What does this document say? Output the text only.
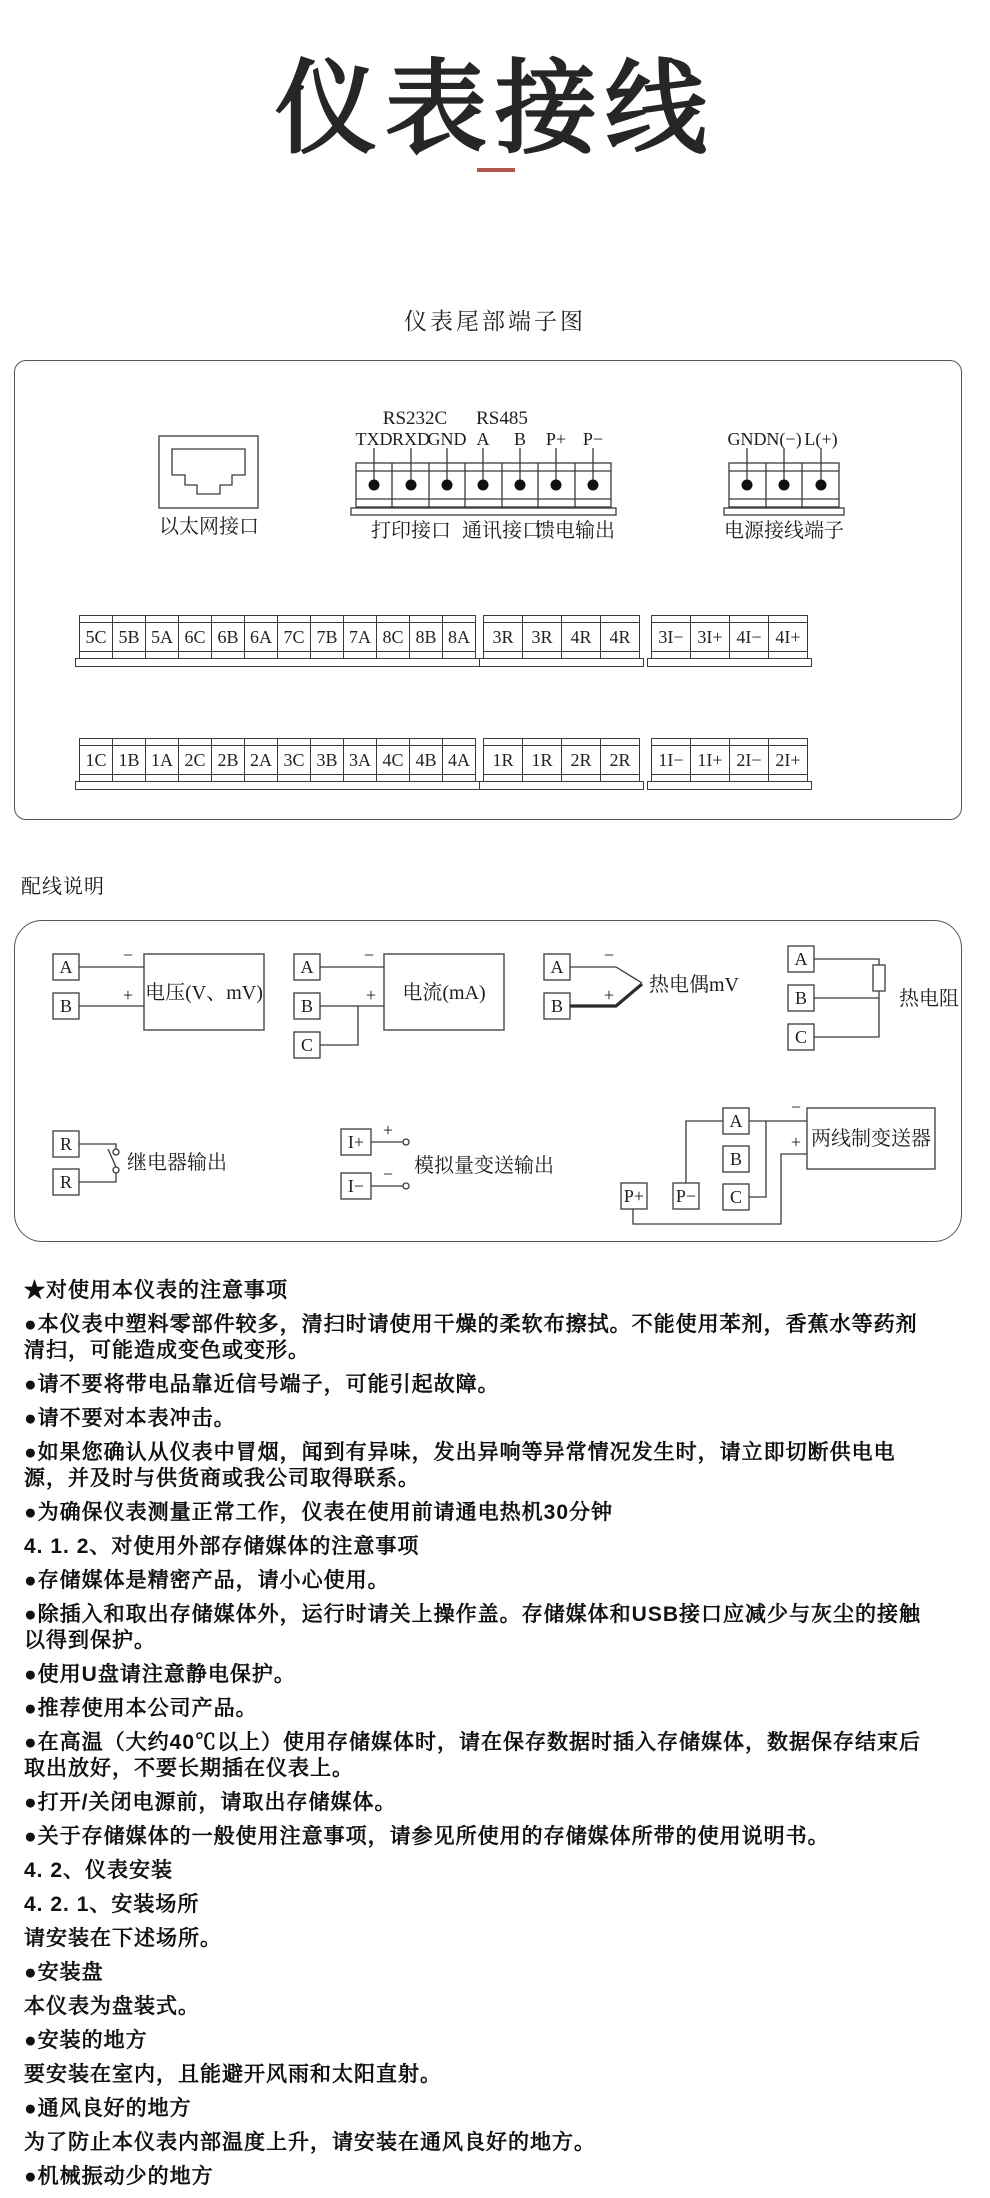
仪表接线
仪表尾部端子图
以太网接口
RS232C RS485
TXD RXD
GND A B P+ P−
打印接口 通讯接口
馈电输出
GND N(−) L(+)
电源接线端子
5C 5B 5A 6C 6B 6A 7C 7B 7A 8C 8B 8A	3R 3R 4R 4R	3I− 3I+ 4I− 4I+
1C 1B 1A 2C 2B 2A 3C 3B 3A 4C 4B 4A	1R 1R 2R 2R	1I− 1I+ 2I− 2I+
配线说明
A
B
−
+ 电压(V、mV)
A
B
C
−
+ 电流(mA)
A
B
−
+ 热电偶mV
A
B
C
热电阻
R
R
继电器输出
I+
I−
+
− 模拟量变送输出
P+ P−
A
B
C
−
+ 两线制变送器

★对使用本仪表的注意事项

●本仪表中塑料零部件较多，清扫时请使用干燥的柔软布擦拭。不能使用苯剂，香蕉水等药剂清扫，可能造成变色或变形。

●请不要将带电品靠近信号端子，可能引起故障。

●请不要对本表冲击。

●如果您确认从仪表中冒烟，闻到有异味，发出异响等异常情况发生时，请立即切断供电电源，并及时与供货商或我公司取得联系。

●为确保仪表测量正常工作，仪表在使用前请通电热机30分钟

4. 1. 2、对使用外部存储媒体的注意事项

●存储媒体是精密产品，请小心使用。

●除插入和取出存储媒体外，运行时请关上操作盖。存储媒体和USB接口应减少与灰尘的接触以得到保护。

●使用U盘请注意静电保护。

●推荐使用本公司产品。

●在高温（大约40℃以上）使用存储媒体时，请在保存数据时插入存储媒体，数据保存结束后取出放好，不要长期插在仪表上。

●打开/关闭电源前，请取出存储媒体。

●关于存储媒体的一般使用注意事项，请参见所使用的存储媒体所带的使用说明书。

4. 2、仪表安装

4. 2. 1、安装场所

请安装在下述场所。

●安装盘

本仪表为盘装式。

●安装的地方

要安装在室内，且能避开风雨和太阳直射。

●通风良好的地方

为了防止本仪表内部温度上升，请安装在通风良好的地方。

●机械振动少的地方
